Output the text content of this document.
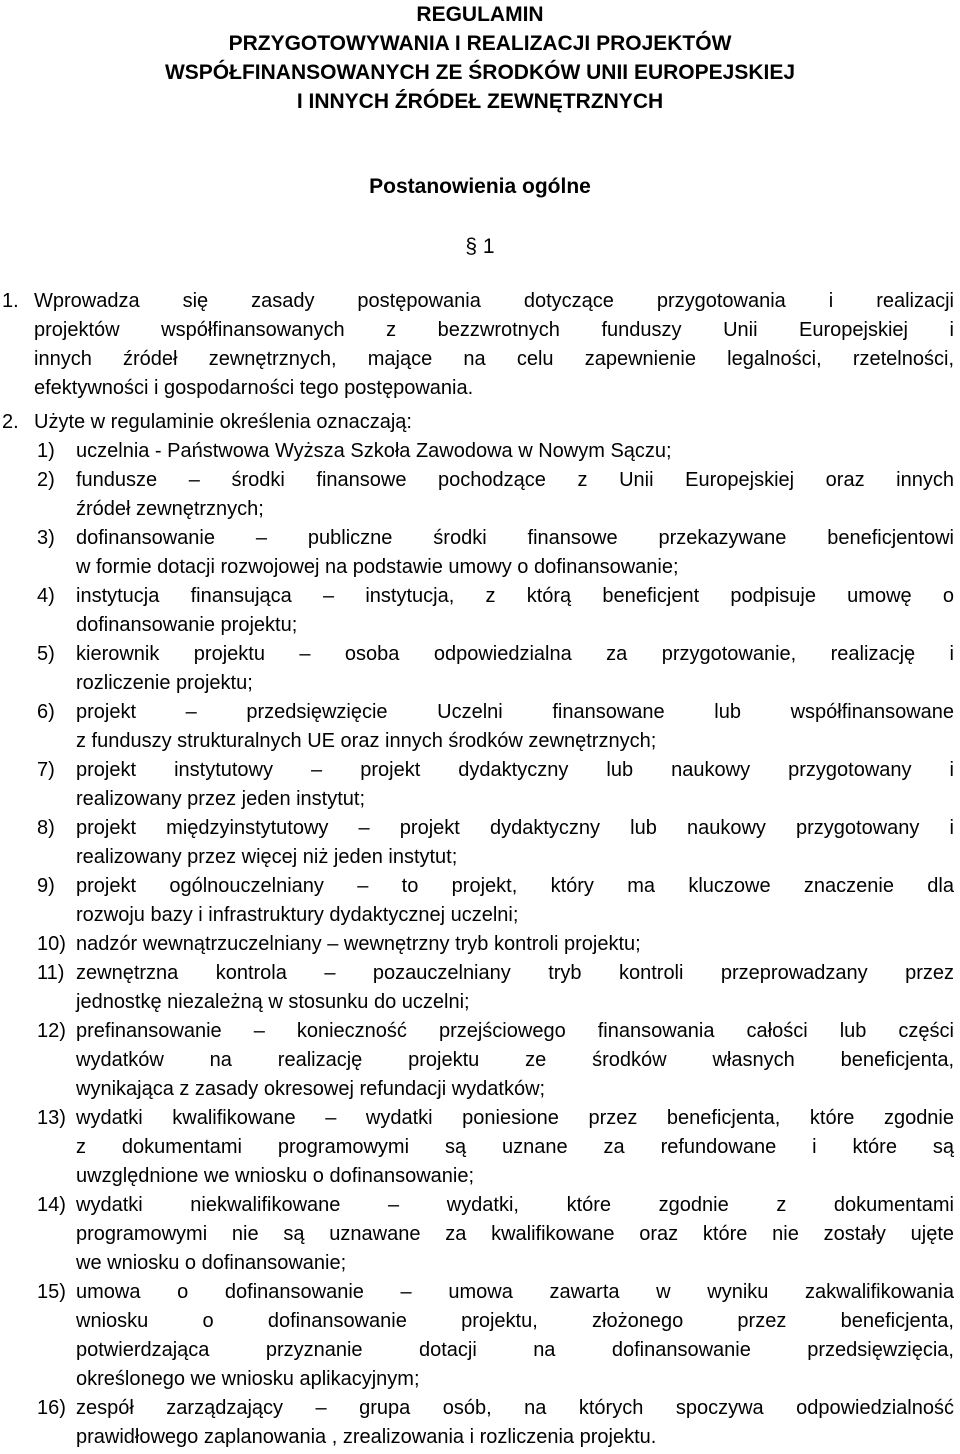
REGULAMIN
PRZYGOTOWYWANIA I REALIZACJI PROJEKTÓW
WSPÓŁFINANSOWANYCH ZE ŚRODKÓW UNII EUROPEJSKIEJ
I INNYCH ŹRÓDEŁ ZEWNĘTRZNYCH
Postanowienia ogólne
§ 1
1. Wprowadza się zasady postępowania dotyczące przygotowania i realizacji
projektów współfinansowanych z bezzwrotnych funduszy Unii Europejskiej i
innych źródeł zewnętrznych, mające na celu zapewnienie legalności, rzetelności,
efektywności i gospodarności tego postępowania.
2. Użyte w regulaminie określenia oznaczają:
1) uczelnia - Państwowa Wyższa Szkoła Zawodowa w Nowym Sączu;
2) fundusze – środki finansowe pochodzące z Unii Europejskiej oraz innych
źródeł zewnętrznych;
3) dofinansowanie – publiczne środki finansowe przekazywane beneficjentowi
w formie dotacji rozwojowej na podstawie umowy o dofinansowanie;
4) instytucja finansująca – instytucja, z którą beneficjent podpisuje umowę o
dofinansowanie projektu;
5) kierownik projektu – osoba odpowiedzialna za przygotowanie, realizację i
rozliczenie projektu;
6) projekt – przedsięwzięcie Uczelni finansowane lub współfinansowane
z funduszy strukturalnych UE oraz innych środków zewnętrznych;
7) projekt instytutowy – projekt dydaktyczny lub naukowy przygotowany i
realizowany przez jeden instytut;
8) projekt międzyinstytutowy – projekt dydaktyczny lub naukowy przygotowany i
realizowany przez więcej niż jeden instytut;
9) projekt ogólnouczelniany – to projekt, który ma kluczowe znaczenie dla
rozwoju bazy i infrastruktury dydaktycznej uczelni;
10) nadzór wewnątrzuczelniany – wewnętrzny tryb kontroli projektu;
11) zewnętrzna kontrola – pozauczelniany tryb kontroli przeprowadzany przez
jednostkę niezależną w stosunku do uczelni;
12) prefinansowanie – konieczność przejściowego finansowania całości lub części
wydatków na realizację projektu ze środków własnych beneficjenta,
wynikająca z zasady okresowej refundacji wydatków;
13) wydatki kwalifikowane – wydatki poniesione przez beneficjenta, które zgodnie
z dokumentami programowymi są uznane za refundowane i które są
uwzględnione we wniosku o dofinansowanie;
14) wydatki niekwalifikowane – wydatki, które zgodnie z dokumentami
programowymi nie są uznawane za kwalifikowane oraz które nie zostały ujęte
we wniosku o dofinansowanie;
15) umowa o dofinansowanie – umowa zawarta w wyniku zakwalifikowania
wniosku o dofinansowanie projektu, złożonego przez beneficjenta,
potwierdzająca przyznanie dotacji na dofinansowanie przedsięwzięcia,
określonego we wniosku aplikacyjnym;
16) zespół zarządzający – grupa osób, na których spoczywa odpowiedzialność
prawidłowego zaplanowania , zrealizowania i rozliczenia projektu.
